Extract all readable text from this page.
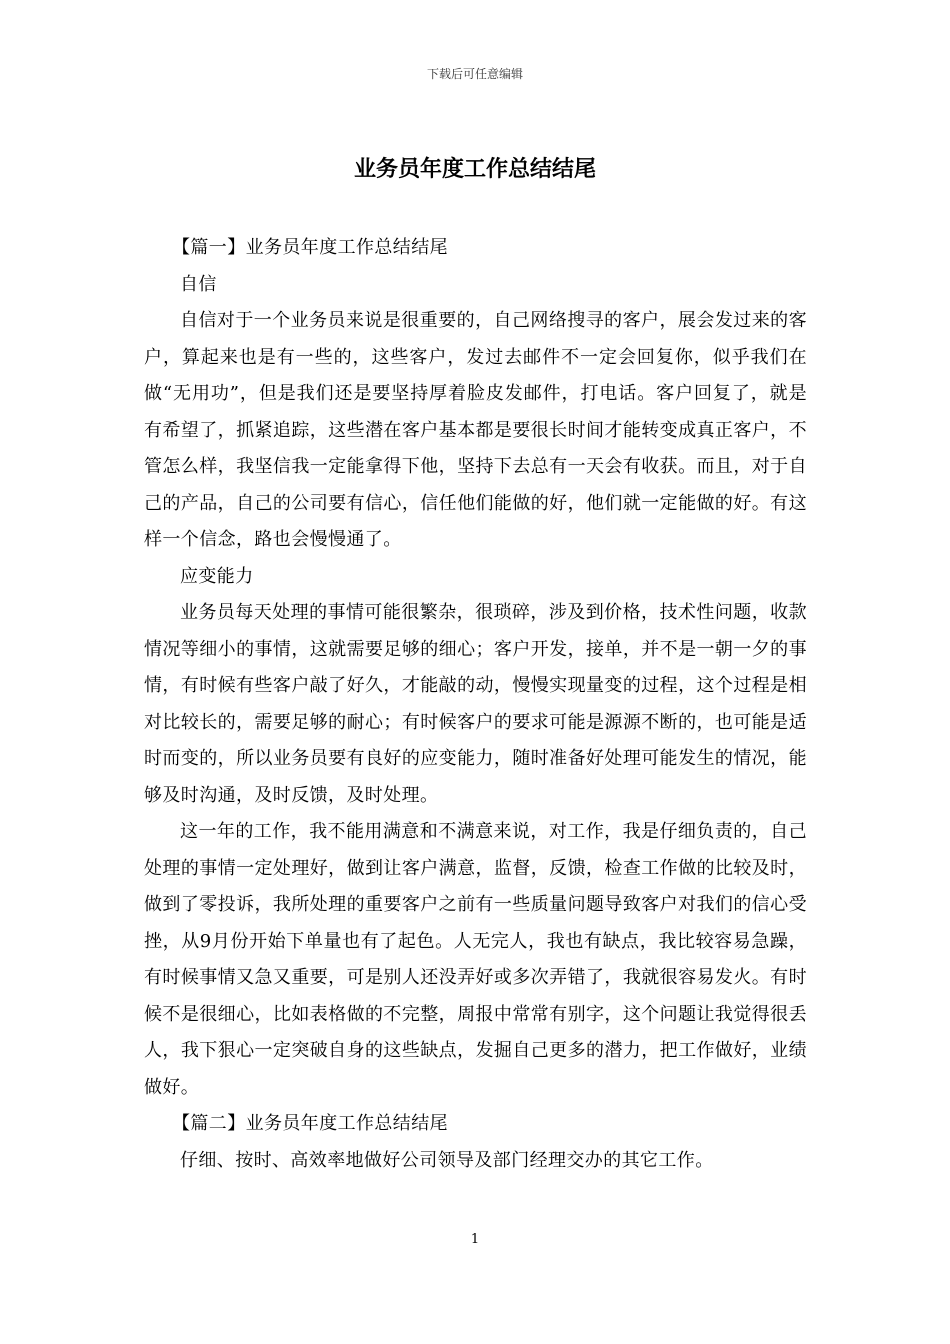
下载后可任意编辑
业务员年度工作总结结尾

【篇一】业务员年度工作总结结尾

自信

自信对于一个业务员来说是很重要的，自己网络搜寻的客户，展会发过来的客户，算起来也是有一些的，这些客户，发过去邮件不一定会回复你，似乎我们在做“无用功”，但是我们还是要坚持厚着脸皮发邮件，打电话。客户回复了，就是有希望了，抓紧追踪，这些潜在客户基本都是要很长时间才能转变成真正客户，不管怎么样，我坚信我一定能拿得下他，坚持下去总有一天会有收获。而且，对于自己的产品，自己的公司要有信心，信任他们能做的好，他们就一定能做的好。有这样一个信念，路也会慢慢通了。

应变能力

业务员每天处理的事情可能很繁杂，很琐碎，涉及到价格，技术性问题，收款情况等细小的事情，这就需要足够的细心；客户开发，接单，并不是一朝一夕的事情，有时候有些客户敲了好久，才能敲的动，慢慢实现量变的过程，这个过程是相对比较长的，需要足够的耐心；有时候客户的要求可能是源源不断的，也可能是适时而变的，所以业务员要有良好的应变能力，随时准备好处理可能发生的情况，能够及时沟通，及时反馈，及时处理。

这一年的工作，我不能用满意和不满意来说，对工作，我是仔细负责的，自己处理的事情一定处理好，做到让客户满意，监督，反馈，检查工作做的比较及时，做到了零投诉，我所处理的重要客户之前有一些质量问题导致客户对我们的信心受挫，从9月份开始下单量也有了起色。人无完人，我也有缺点，我比较容易急躁，有时候事情又急又重要，可是别人还没弄好或多次弄错了，我就很容易发火。有时候不是很细心，比如表格做的不完整，周报中常常有别字，这个问题让我觉得很丢人，我下狠心一定突破自身的这些缺点，发掘自己更多的潜力，把工作做好，业绩做好。

【篇二】业务员年度工作总结结尾

仔细、按时、高效率地做好公司领导及部门经理交办的其它工作。

1
